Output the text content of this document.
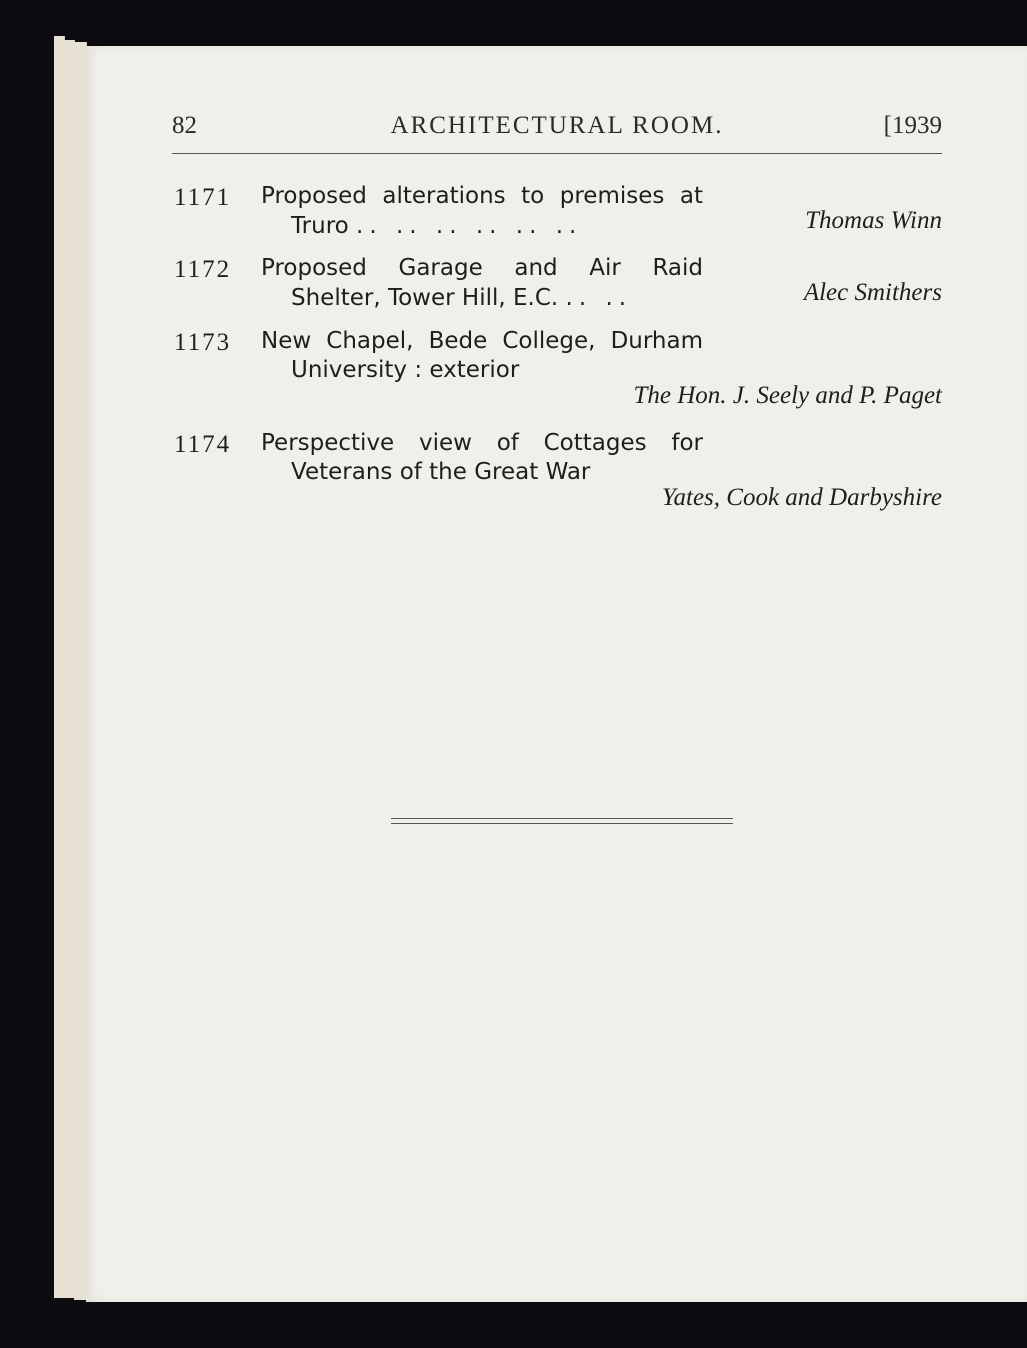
82	ARCHITECTURAL ROOM.	[1939
1171 Proposed alterations to premises at
Truro .. .. .. .. .. ..	Thomas Winn
1172 Proposed Garage and Air Raid
Shelter, Tower Hill, E.C. .. ..	Alec Smithers
1173 New Chapel, Bede College, Durham
University : exterior
The Hon. J. Seely and P. Paget
1174 Perspective view of Cottages for
Veterans of the Great War
Yates, Cook and Darbyshire
